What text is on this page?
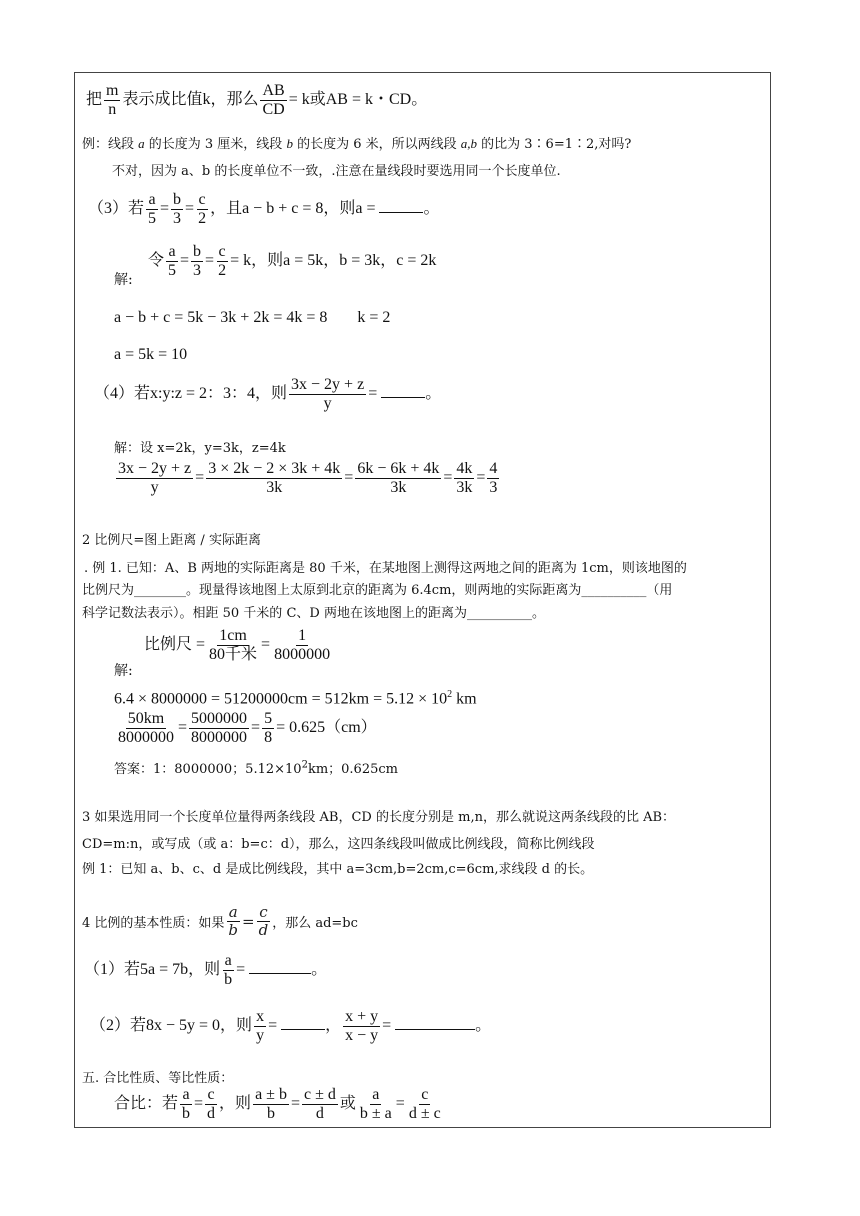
把 $\frac{m}{n}$ 表示成比值k，那么 $\frac{AB}{CD} = k$或AB = k・CD。
例：线段 a 的长度为 3 厘米，线段 b 的长度为 6 米，所以两线段 a,b 的比为 3∶6=1∶2,对吗?
不对，因为 a、b 的长度单位不一致，.注意在量线段时要选用同一个长度单位.
（3）若 $\frac{a}{5} = \frac{b}{3} = \frac{c}{2}$ ，且a − b + c = 8，则a =	。
令 $\frac{a}{5} = \frac{b}{3} = \frac{c}{2} = k$，则a = 5k，b = 3k，c = 2k
解:
a − b + c = 5k − 3k + 2k = 4k = 8 k = 2
a = 5k = 10
（4）若x:y:z = 2：3：4，则 $\frac{3x - 2y + z}{y}$ =	。
解：设 x=2k，y=3k，z=4k
$\frac{3x - 2y + z}{y} = \frac{3 \times 2k - 2 \times 3k + 4k}{3k} = \frac{6k - 6k + 4k}{3k} = \frac{4k}{3k} = \frac{4}{3}$
2 比例尺=图上距离 / 实际距离
. 例 1. 已知：A、B 两地的实际距离是 80 千米，在某地图上测得这两地之间的距离为 1cm，则该地图的
比例尺为________。现量得该地图上太原到北京的距离为 6.4cm，则两地的实际距离为__________（用
科学记数法表示）。相距 50 千米的 C、D 两地在该地图上的距离为__________。
比例尺 = $\frac{1cm}{\text{80千米}} = \frac{1}{8000000}$
解:
$6.4 \times 8000000 = 51200000cm = 512km = 5.12 \times 10^2$ km
$\frac{50km}{8000000} = \frac{5000000}{8000000} = \frac{5}{8} = 0.625(cm)$
答案：1：8000000；$5.12\times 10^2km$；0.625cm
3 如果选用同一个长度单位量得两条线段 AB，CD 的长度分别是 m,n，那么就说这两条线段的比 AB：
CD=m:n，或写成（或 a：b=c：d），那么，这四条线段叫做成比例线段，简称比例线段
例 1：已知 a、b、c、d 是成比例线段，其中 a=3cm,b=2cm,c=6cm,求线段 d 的长。
4 比例的基本性质：如果 $\frac{a}{b} = \frac{c}{d}$ ，那么 ad=bc
（1）若5a = 7b，则 $\frac{a}{b}$ =	。
（2）若8x − 5y = 0，则 $\frac{x}{y}$ =	， $\frac{x + y}{x - y}$ =	。
五. 合比性质、等比性质：
合比：若 $\frac{a}{b} = \frac{c}{d}$ ，则 $\frac{a \pm b}{b} = \frac{c \pm d}{d}$ 或 $\frac{a}{b \pm a} = \frac{c}{d \pm c}$
